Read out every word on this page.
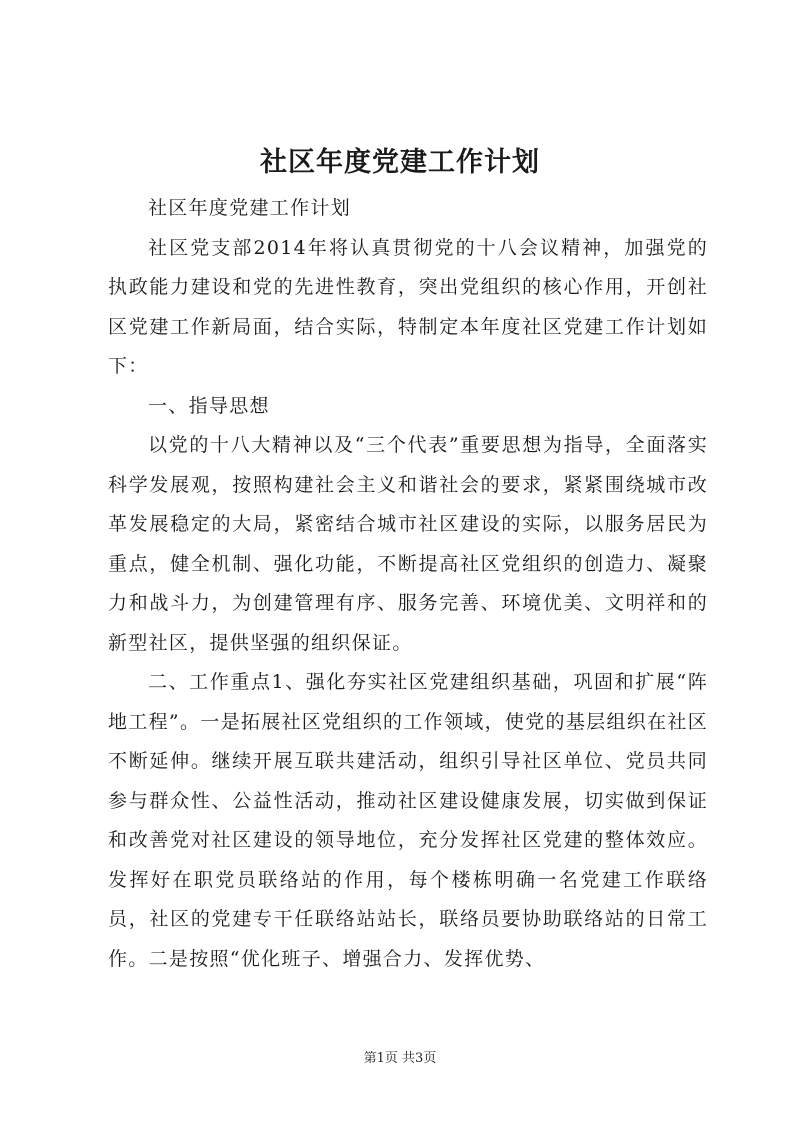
社区年度党建工作计划

社区年度党建工作计划

社区党支部2014年将认真贯彻党的十八会议精神，加强党的执政能力建设和党的先进性教育，突出党组织的核心作用，开创社区党建工作新局面，结合实际，特制定本年度社区党建工作计划如下：

一、指导思想

以党的十八大精神以及“三个代表”重要思想为指导，全面落实科学发展观，按照构建社会主义和谐社会的要求，紧紧围绕城市改革发展稳定的大局，紧密结合城市社区建设的实际，以服务居民为重点，健全机制、强化功能，不断提高社区党组织的创造力、凝聚力和战斗力，为创建管理有序、服务完善、环境优美、文明祥和的新型社区，提供坚强的组织保证。

二、工作重点1、强化夯实社区党建组织基础，巩固和扩展“阵地工程”。一是拓展社区党组织的工作领域，使党的基层组织在社区不断延伸。继续开展互联共建活动，组织引导社区单位、党员共同参与群众性、公益性活动，推动社区建设健康发展，切实做到保证和改善党对社区建设的领导地位，充分发挥社区党建的整体效应。发挥好在职党员联络站的作用，每个楼栋明确一名党建工作联络员，社区的党建专干任联络站站长，联络员要协助联络站的日常工作。二是按照“优化班子、增强合力、发挥优势、

第1页 共3页
